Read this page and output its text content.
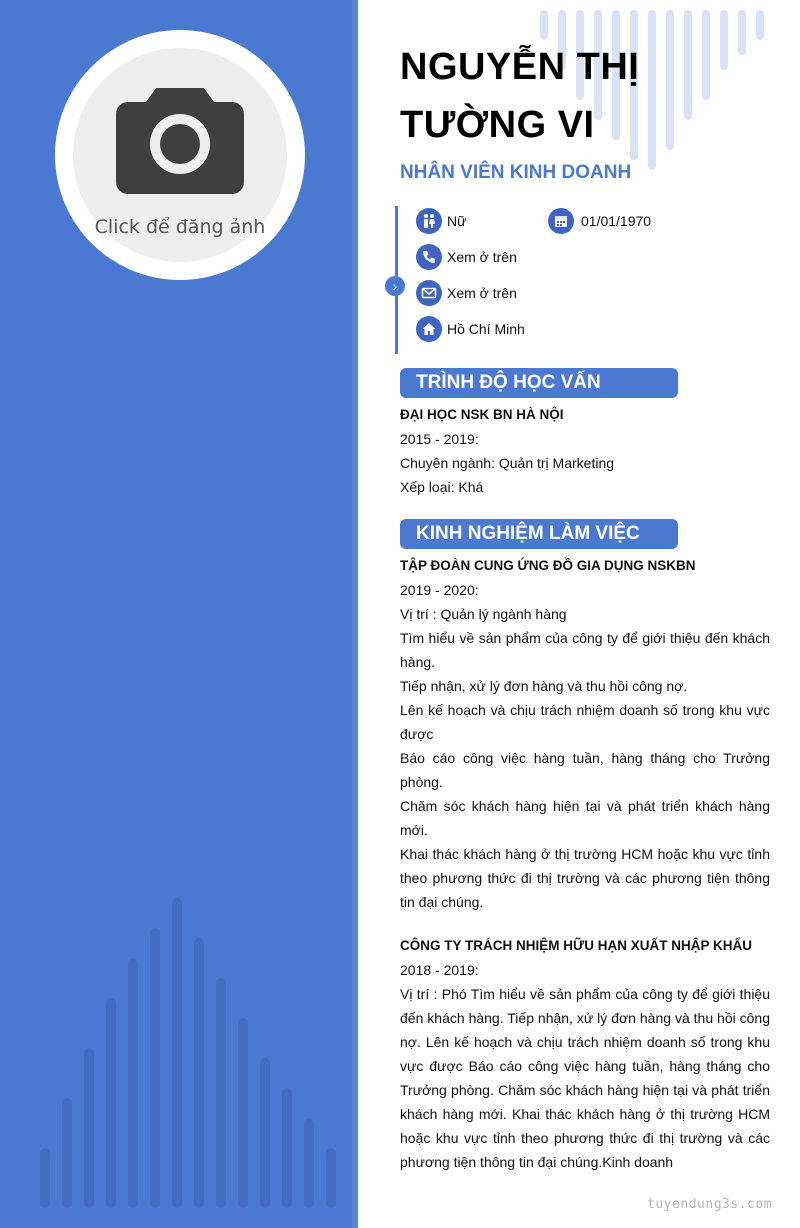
Click để đăng ảnh
NGUYỄN THỊ
TƯỜNG VI
NHÂN VIÊN KINH DOANH
›
Nữ	01/01/1970
Xem ở trên
Xem ở trên
Hồ Chí Minh
TRÌNH ĐỘ HỌC VẤN
ĐẠI HỌC NSK BN HÀ NỘI
2015 - 2019:
Chuyên ngành: Quản trị Marketing
Xếp loại: Khá
KINH NGHIỆM LÀM VIỆC
TẬP ĐOÀN CUNG ỨNG ĐỒ GIA DỤNG NSKBN
2019 - 2020:
Vị trí : Quản lý ngành hàng
Tìm hiểu về sản phẩm của công ty để giới thiệu đến khách hàng.
Tiếp nhận, xử lý đơn hàng và thu hồi công nợ.
Lên kế hoạch và chịu trách nhiệm doanh số trong khu vực được
Báo cáo công việc hàng tuần, hàng tháng cho Trưởng phòng.
Chăm sóc khách hàng hiện tại và phát triển khách hàng mới.
Khai thác khách hàng ở thị trường HCM hoặc khu vực tỉnh theo phương thức đi thị trường và các phương tiện thông tin đại chúng.
CÔNG TY TRÁCH NHIỆM HỮU HẠN XUẤT NHẬP KHẨU
2018 - 2019:
Vị trí : Phó Tìm hiểu về sản phẩm của công ty để giới thiệu đến khách hàng. Tiếp nhận, xử lý đơn hàng và thu hồi công nợ. Lên kế hoạch và chịu trách nhiệm doanh số trong khu vực được Báo cáo công việc hàng tuần, hàng tháng cho Trưởng phòng. Chăm sóc khách hàng hiện tại và phát triển khách hàng mới. Khai thác khách hàng ở thị trường HCM hoặc khu vực tỉnh theo phương thức đi thị trường và các phương tiện thông tin đại chúng.Kinh doanh
tuyendung3s.com
